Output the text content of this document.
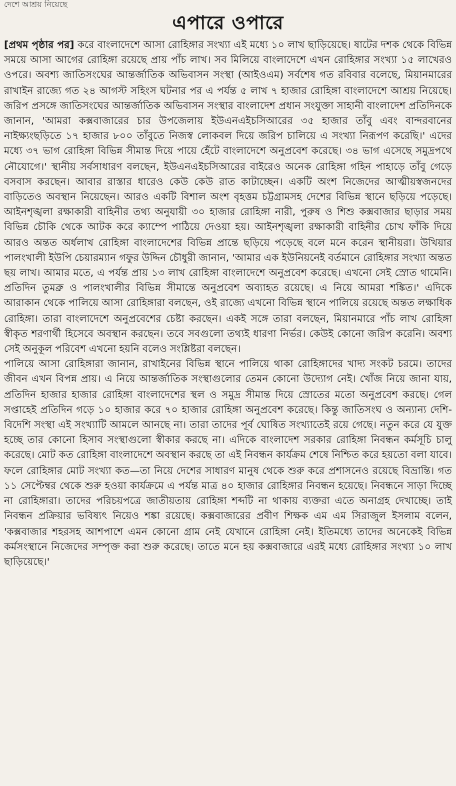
দেশে আশ্রয় নিয়েছে
এপারে ওপারে

[প্রথম পৃষ্ঠার পর] করে বাংলাদেশে আসা রোহিঙ্গার সংখ্যা এই মধ্যে ১০ লাখ ছাড়িয়েছে। ষাটের দশক থেকে বিভিন্ন সময়ে আসা আগের রোহিঙ্গা রয়েছে প্রায় পাঁচ লাখ। সব মিলিয়ে বাংলাদেশে এখন রোহিঙ্গার সংখ্যা ১৫ লাখেরও ওপরে। অবশ্য জাতিসংঘের আন্তর্জাতিক অভিবাসন সংস্থা (আইওএম) সর্বশেষ গত রবিবার বলেছে, মিয়ানমারের রাখাইন রাজ্যে গত ২৪ আগস্ট সহিংস ঘটনার পর এ পর্যন্ত ৫ লাখ ৭ হাজার রোহিঙ্গা বাংলাদেশে আশ্রয় নিয়েছে। জরিপ প্রসঙ্গে জাতিসংঘের আন্তর্জাতিক অভিবাসন সংস্থার বাংলাদেশ প্রধান সংযুক্তা সাহানী বাংলাদেশ প্রতিদিনকে জানান, 'আমরা কক্সবাজারের চার উপজেলায় ইউএনএইচসিআরের ৩৫ হাজার তাঁবু এবং বান্দরবানের নাইক্ষ্যংছড়িতে ১৭ হাজার ৮০০ তাঁবুতে নিজস্ব লোকবল দিয়ে জরিপ চালিয়ে এ সংখ্যা নিরূপণ করেছি।' এদের মধ্যে ৩৭ ভাগ রোহিঙ্গা বিভিন্ন সীমান্ত দিয়ে পায়ে হেঁটে বাংলাদেশে অনুপ্রবেশ করেছে। ৩৪ ভাগ এসেছে সমুদ্রপথে নৌযোগে।' স্থানীয় সর্বসাধারণ বলছেন, ইউএনএইচসিআরের বাইরেও অনেক রোহিঙ্গা গহিন পাহাড়ে তাঁবু গেড়ে বসবাস করছেন। আবার রাস্তার ধারেও কেউ কেউ রাত কাটাচ্ছেন। একটি অংশ নিজেদের আত্মীয়স্বজনদের বাড়িতেও অবস্থান নিয়েছেন। আরও একটি বিশাল অংশ বৃহত্তম চট্টগ্রামসহ দেশের বিভিন্ন স্থানে ছড়িয়ে পড়েছে। আইনশৃঙ্খলা রক্ষাকারী বাহিনীর তথ্য অনুযায়ী ৩০ হাজার রোহিঙ্গা নারী, পুরুষ ও শিশু কক্সবাজার ছাড়ার সময় বিভিন্ন চৌকি থেকে আটক করে ক্যাম্পে পাঠিয়ে দেওয়া হয়। আইনশৃঙ্খলা রক্ষাকারী বাহিনীর চোখ ফাঁকি দিয়ে আরও অন্তত অর্ধলাখ রোহিঙ্গা বাংলাদেশের বিভিন্ন প্রান্তে ছড়িয়ে পড়েছে বলে মনে করেন স্থানীয়রা। উখিয়ার পালংখালী ইউপি চেয়ারম্যান গফুর উদ্দিন চৌধুরী জানান, 'আমার এক ইউনিয়নেই বর্তমানে রোহিঙ্গার সংখ্যা অন্তত ছয় লাখ। আমার মতে, এ পর্যন্ত প্রায় ১৩ লাখ রোহিঙ্গা বাংলাদেশে অনুপ্রবেশ করেছে। এখনো সেই স্রোত থামেনি। প্রতিদিন তুমব্রু ও পালংখালীর বিভিন্ন সীমান্তে অনুপ্রবেশ অব্যাহত রয়েছে। এ নিয়ে আমরা শঙ্কিত।' এদিকে আরাকান থেকে পালিয়ে আসা রোহিঙ্গারা বলছেন, ওই রাজ্যে এখনো বিভিন্ন স্থানে পালিয়ে রয়েছে অন্তত লক্ষাধিক রোহিঙ্গা। তারা বাংলাদেশে অনুপ্রবেশের চেষ্টা করছেন। একই সঙ্গে তারা বলছেন, মিয়ানমারে পাঁচ লাখ রোহিঙ্গা স্বীকৃত শরণার্থী হিসেবে অবস্থান করছেন। তবে সবগুলো তথ্যই ধারণা নির্ভর। কেউই কোনো জরিপ করেনি। অবশ্য সেই অনুকূল পরিবেশ এখনো হয়নি বলেও সংশ্লিষ্টরা বলছেন।

পালিয়ে আসা রোহিঙ্গারা জানান, রাখাইনের বিভিন্ন স্থানে পালিয়ে থাকা রোহিঙ্গাদের খাদ্য সংকট চরমে। তাদের জীবন এখন বিপন্ন প্রায়। এ নিয়ে আন্তর্জাতিক সংস্থাগুলোর তেমন কোনো উদ্যোগ নেই। খোঁজ নিয়ে জানা যায়, প্রতিদিন হাজার হাজার রোহিঙ্গা বাংলাদেশের স্থল ও সমুদ্র সীমান্ত দিয়ে স্রোতের মতো অনুপ্রবেশ করছে। গেল সপ্তাহেই প্রতিদিন গড়ে ১০ হাজার করে ৭০ হাজার রোহিঙ্গা অনুপ্রবেশ করেছে। কিন্তু জাতিসংঘ ও অন্যান্য দেশি-বিদেশি সংস্থা এই সংখ্যাটি আমলে আনছে না। তারা তাদের পূর্ব ঘোষিত সংখ্যাতেই রয়ে গেছে। নতুন করে যে যুক্ত হচ্ছে তার কোনো হিসাব সংস্থাগুলো স্বীকার করছে না। এদিকে বাংলাদেশ সরকার রোহিঙ্গা নিবন্ধন কর্মসূচি চালু করেছে। মোট কত রোহিঙ্গা বাংলাদেশে অবস্থান করছে তা এই নিবন্ধন কার্যক্রম শেষে নিশ্চিত করে হয়তো বলা যাবে। ফলে রোহিঙ্গার মোট সংখ্যা কত—তা নিয়ে দেশের সাধারণ মানুষ থেকে শুরু করে প্রশাসনেও রয়েছে বিভ্রান্তি। গত ১১ সেপ্টেম্বর থেকে শুরু হওয়া কার্যক্রমে এ পর্যন্ত মাত্র ৪০ হাজার রোহিঙ্গার নিবন্ধন হয়েছে। নিবন্ধনে সাড়া দিচ্ছে না রোহিঙ্গারা। তাদের পরিচয়পত্রে জাতীয়তায় রোহিঙ্গা শব্দটি না থাকায় ব্যক্তরা এতে অনাগ্রহ দেখাচ্ছে। তাই নিবন্ধন প্রক্রিয়ার ভবিষ্যৎ নিয়েও শঙ্কা রয়েছে। কক্সবাজারের প্রবীণ শিক্ষক এম এম সিরাজুল ইসলাম বলেন, 'কক্সবাজার শহরসহ আশপাশে এমন কোনো গ্রাম নেই যেখানে রোহিঙ্গা নেই। ইতিমধ্যে তাদের অনেকেই বিভিন্ন কর্মসংস্থানে নিজেদের সম্পৃক্ত করা শুরু করেছে। তাতে মনে হয় কক্সবাজারে এরই মধ্যে রোহিঙ্গার সংখ্যা ১০ লাখ ছাড়িয়েছে।'
